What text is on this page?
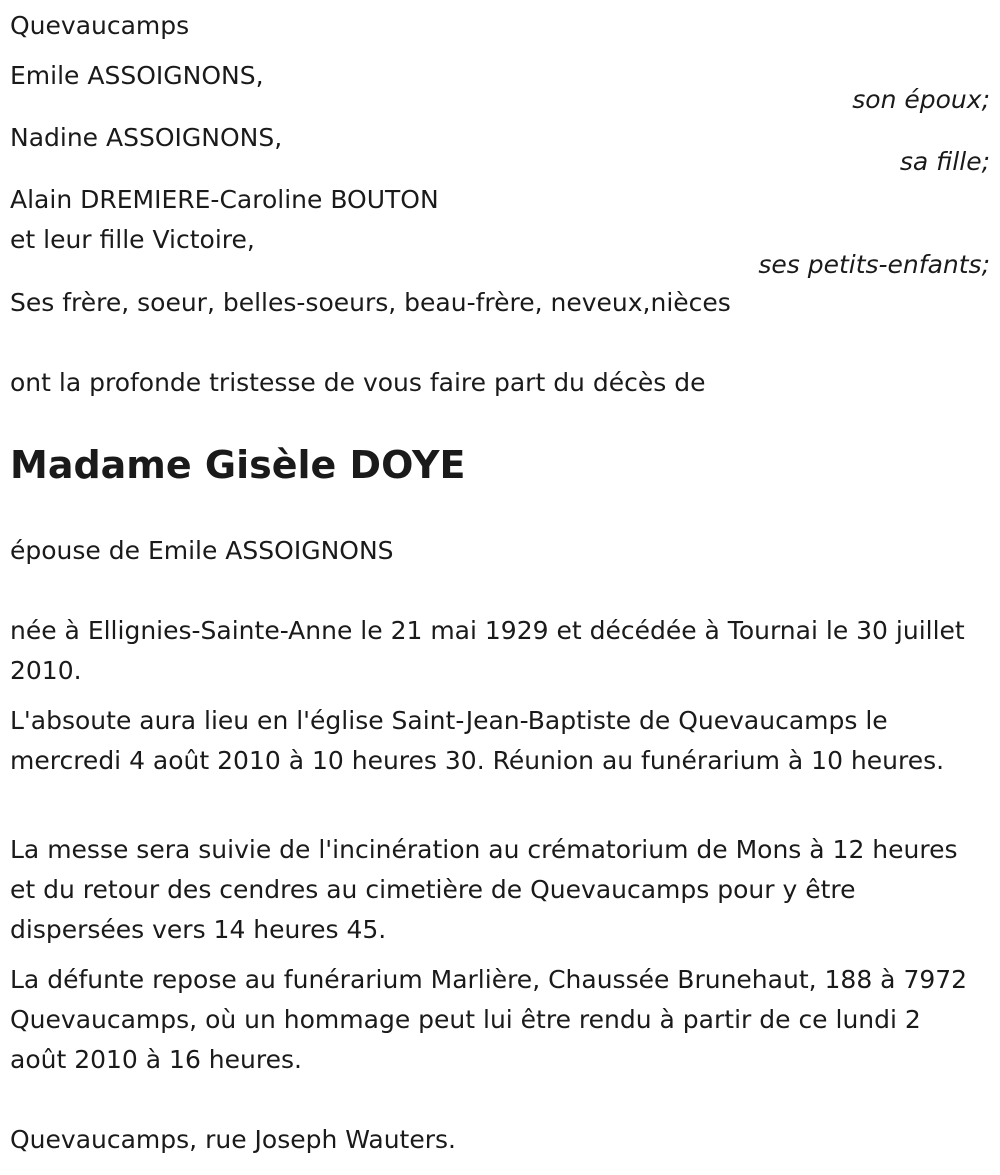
Quevaucamps
Emile ASSOIGNONS,
son époux;
Nadine ASSOIGNONS,
sa fille;
Alain DREMIERE-Caroline BOUTON
et leur fille Victoire,
ses petits-enfants;
Ses frère, soeur, belles-soeurs, beau-frère, neveux,nièces
ont la profonde tristesse de vous faire part du décès de
Madame Gisèle DOYE
épouse de Emile ASSOIGNONS
née à Ellignies-Sainte-Anne le 21 mai 1929 et décédée à Tournai le 30 juillet 2010.
L'absoute aura lieu en l'église Saint-Jean-Baptiste de Quevaucamps le mercredi 4 août 2010 à 10 heures 30. Réunion au funérarium à 10 heures.
La messe sera suivie de l'incinération au crématorium de Mons à 12 heures et du retour des cendres au cimetière de Quevaucamps pour y être dispersées vers 14 heures 45.
La défunte repose au funérarium Marlière, Chaussée Brunehaut, 188 à 7972 Quevaucamps, où un hommage peut lui être rendu à partir de ce lundi 2 août 2010 à 16 heures.
Quevaucamps, rue Joseph Wauters.
